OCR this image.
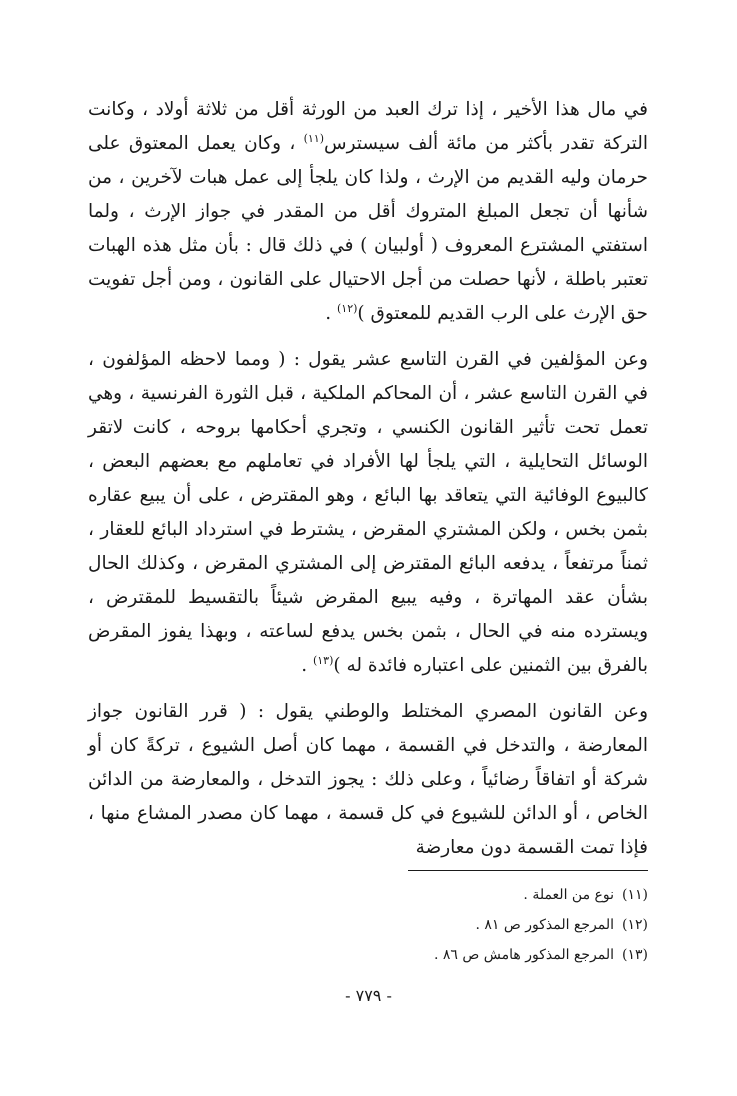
في مال هذا الأخير ، إذا ترك العبد من الورثة أقل من ثلاثة أولاد ، وكانت التركة تقدر بأكثر من مائة ألف سيسترس$^{(١١)}$ ، وكان يعمل المعتوق على حرمان وليه القديم من الإرث ، ولذا كان يلجأ إلى عمل هبات لآخرين ، من شأنها أن تجعل المبلغ المتروك أقل من المقدر في جواز الإرث ، ولما استفتي المشترع المعروف ( أولبيان ) في ذلك قال : بأن مثل هذه الهبات تعتبر باطلة ، لأنها حصلت من أجل الاحتيال على القانون ، ومن أجل تفويت حق الإرث على الرب القديم للمعتوق )$^{(١٢)}$ .

وعن المؤلفين في القرن التاسع عشر يقول : ( ومما لاحظه المؤلفون ، في القرن التاسع عشر ، أن المحاكم الملكية ، قبل الثورة الفرنسية ، وهي تعمل تحت تأثير القانون الكنسي ، وتجري أحكامها بروحه ، كانت لاتقر الوسائل التحايلية ، التي يلجأ لها الأفراد في تعاملهم مع بعضهم البعض ، كالبيوع الوفائية التي يتعاقد بها البائع ، وهو المقترض ، على أن يبيع عقاره بثمن بخس ، ولكن المشتري المقرض ، يشترط في استرداد البائع للعقار ، ثمناً مرتفعاً ، يدفعه البائع المقترض إلى المشتري المقرض ، وكذلك الحال بشأن عقد المهاترة ، وفيه يبيع المقرض شيئاً بالتقسيط للمقترض ، ويسترده منه في الحال ، بثمن بخس يدفع لساعته ، وبهذا يفوز المقرض بالفرق بين الثمنين على اعتباره فائدة له )$^{(١٣)}$ .

وعن القانون المصري المختلط والوطني يقول : ( قرر القانون جواز المعارضة ، والتدخل في القسمة ، مهما كان أصل الشيوع ، تركةً كان أو شركة أو اتفاقاً رضائياً ، وعلى ذلك : يجوز التدخل ، والمعارضة من الدائن الخاص ، أو الدائن للشيوع في كل قسمة ، مهما كان مصدر المشاع منها ، فإذا تمت القسمة دون معارضة

(١١)نوع من العملة .

(١٢)المرجع المذكور ص ٨١ .

(١٣)المرجع المذكور هامش ص ٨٦ .

- ٧٧٩ -
